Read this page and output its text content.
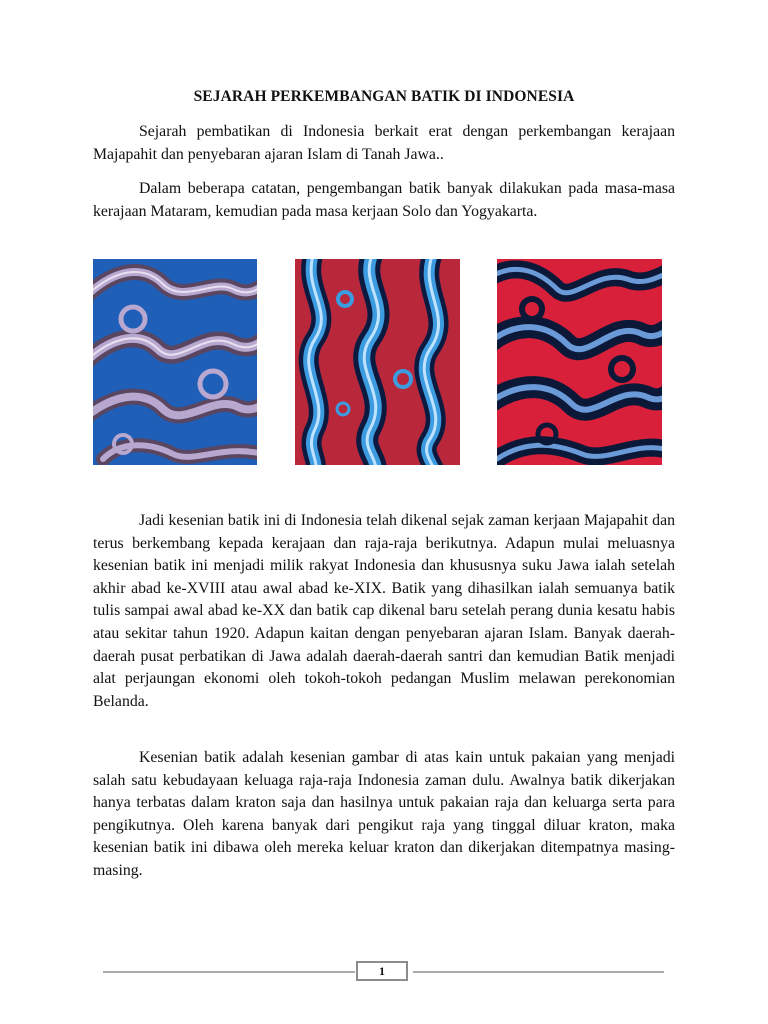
SEJARAH PERKEMBANGAN BATIK DI INDONESIA

Sejarah pembatikan di Indonesia berkait erat dengan perkembangan kerajaan Majapahit dan penyebaran ajaran Islam di Tanah Jawa..

Dalam beberapa catatan, pengembangan batik banyak dilakukan pada masa-masa kerajaan Mataram, kemudian pada masa kerjaan Solo dan Yogyakarta.

Jadi kesenian batik ini di Indonesia telah dikenal sejak zaman kerjaan Majapahit dan terus berkembang kepada kerajaan dan raja-raja berikutnya. Adapun mulai meluasnya kesenian batik ini menjadi milik rakyat Indonesia dan khususnya suku Jawa ialah setelah akhir abad ke-XVIII atau awal abad ke-XIX. Batik yang dihasilkan ialah semuanya batik tulis sampai awal abad ke-XX dan batik cap dikenal baru setelah perang dunia kesatu habis atau sekitar tahun 1920. Adapun kaitan dengan penyebaran ajaran Islam. Banyak daerah-daerah pusat perbatikan di Jawa adalah daerah-daerah santri dan kemudian Batik menjadi alat perjaungan ekonomi oleh tokoh-tokoh pedangan Muslim melawan perekonomian Belanda.

Kesenian batik adalah kesenian gambar di atas kain untuk pakaian yang menjadi salah satu kebudayaan keluaga raja-raja Indonesia zaman dulu. Awalnya batik dikerjakan hanya terbatas dalam kraton saja dan hasilnya untuk pakaian raja dan keluarga serta para pengikutnya. Oleh karena banyak dari pengikut raja yang tinggal diluar kraton, maka kesenian batik ini dibawa oleh mereka keluar kraton dan dikerjakan ditempatnya masing-masing.

1
